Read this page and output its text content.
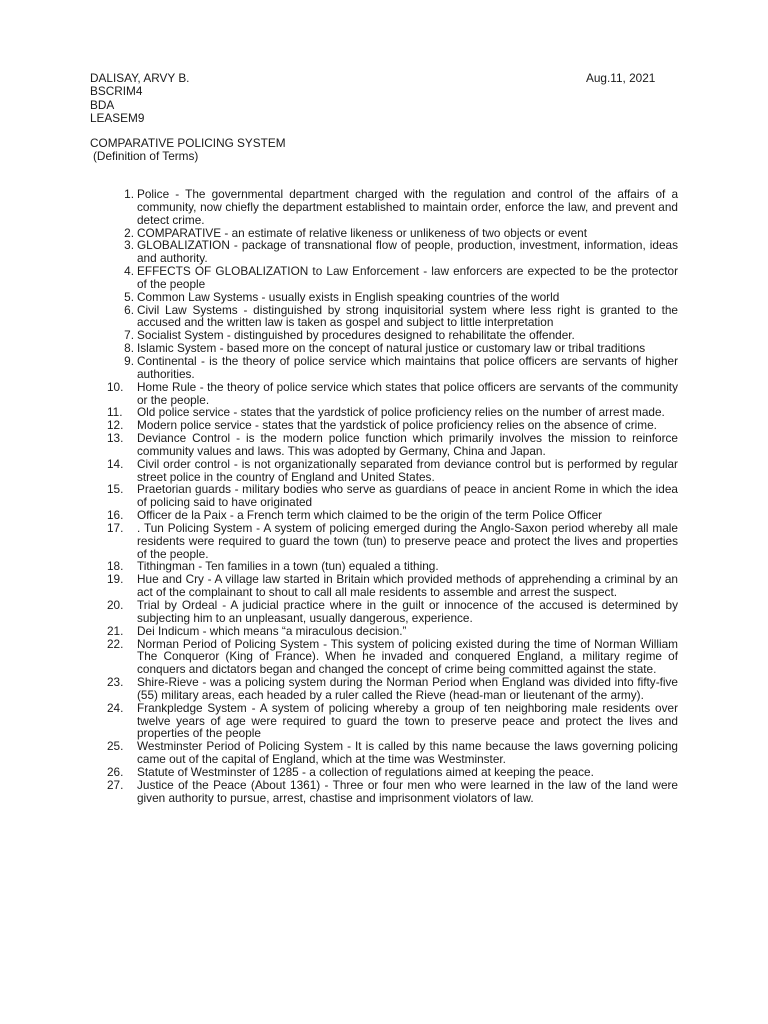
DALISAY, ARVY B.
BSCRIM4
BDA
LEASEM9
Aug.11, 2021
COMPARATIVE POLICING SYSTEM
(Definition of Terms)
1. Police - The governmental department charged with the regulation and control of the affairs of a community, now chiefly the department established to maintain order, enforce the law, and prevent and detect crime.
2. COMPARATIVE - an estimate of relative likeness or unlikeness of two objects or event
3. GLOBALIZATION - package of transnational flow of people, production, investment, information, ideas and authority.
4. EFFECTS OF GLOBALIZATION to Law Enforcement - law enforcers are expected to be the protector of the people
5. Common Law Systems - usually exists in English speaking countries of the world
6. Civil Law Systems - distinguished by strong inquisitorial system where less right is granted to the accused and the written law is taken as gospel and subject to little interpretation
7. Socialist System - distinguished by procedures designed to rehabilitate the offender.
8. Islamic System - based more on the concept of natural justice or customary law or tribal traditions
9. Continental - is the theory of police service which maintains that police officers are servants of higher authorities.
10.	Home Rule - the theory of police service which states that police officers are servants of the community or the people.
11.	Old police service - states that the yardstick of police proficiency relies on the number of arrest made.
12.	Modern police service - states that the yardstick of police proficiency relies on the absence of crime.
13.	Deviance Control - is the modern police function which primarily involves the mission to reinforce community values and laws. This was adopted by Germany, China and Japan.
14.	Civil order control - is not organizationally separated from deviance control but is performed by regular street police in the country of England and United States.
15.	Praetorian guards - military bodies who serve as guardians of peace in ancient Rome in which the idea of policing said to have originated
16.	Officer de la Paix - a French term which claimed to be the origin of the term Police Officer
17.	. Tun Policing System - A system of policing emerged during the Anglo-Saxon period whereby all male residents were required to guard the town (tun) to preserve peace and protect the lives and properties of the people.
18.	Tithingman - Ten families in a town (tun) equaled a tithing.
19.	Hue and Cry - A village law started in Britain which provided methods of apprehending a criminal by an act of the complainant to shout to call all male residents to assemble and arrest the suspect.
20.	Trial by Ordeal - A judicial practice where in the guilt or innocence of the accused is determined by subjecting him to an unpleasant, usually dangerous, experience.
21.	Dei Indicum - which means “a miraculous decision.”
22.	Norman Period of Policing System - This system of policing existed during the time of Norman William The Conqueror (King of France). When he invaded and conquered England, a military regime of conquers and dictators began and changed the concept of crime being committed against the state.
23.	Shire-Rieve - was a policing system during the Norman Period when England was divided into fifty-five (55) military areas, each headed by a ruler called the Rieve (head-man or lieutenant of the army).
24.	Frankpledge System - A system of policing whereby a group of ten neighboring male residents over twelve years of age were required to guard the town to preserve peace and protect the lives and properties of the people
25.	Westminster Period of Policing System - It is called by this name because the laws governing policing came out of the capital of England, which at the time was Westminster.
26.	Statute of Westminster of 1285 - a collection of regulations aimed at keeping the peace.
27.	Justice of the Peace (About 1361) - Three or four men who were learned in the law of the land were given authority to pursue, arrest, chastise and imprisonment violators of law.
